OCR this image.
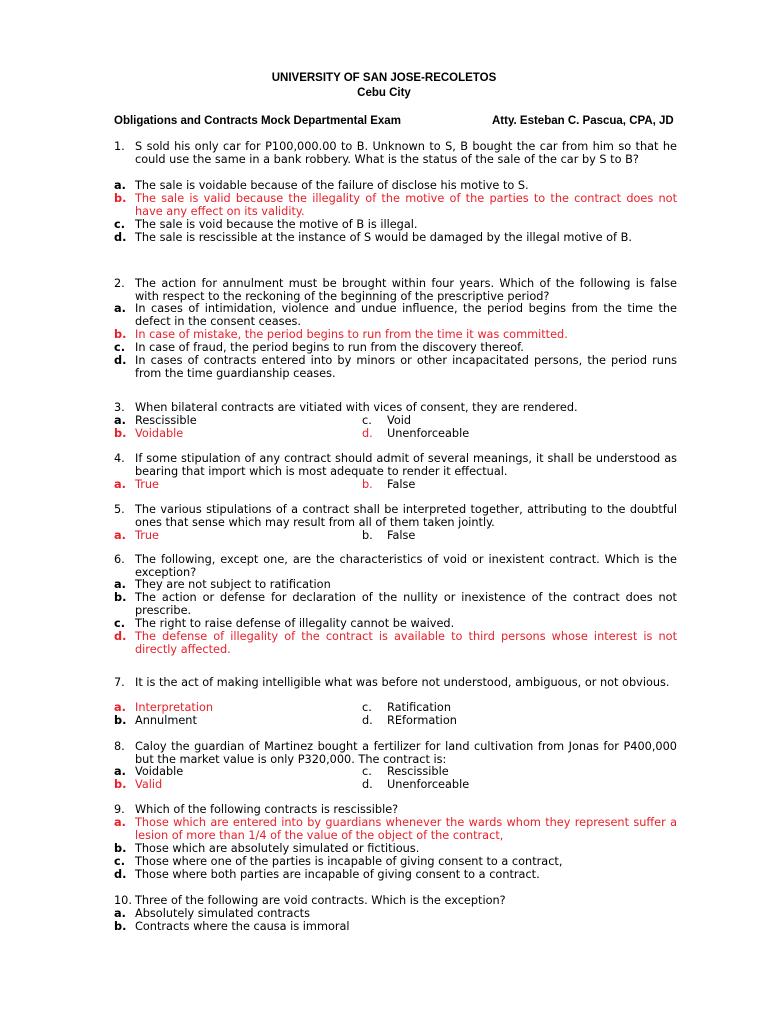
UNIVERSITY OF SAN JOSE-RECOLETOS
Cebu City
Obligations and Contracts Mock Departmental Exam	Atty. Esteban C. Pascua, CPA, JD
1. S sold his only car for P100,000.00 to B. Unknown to S, B bought the car from him so that he could use the same in a bank robbery. What is the status of the sale of the car by S to B?
a. The sale is voidable because of the failure of disclose his motive to S.
b. The sale is valid because the illegality of the motive of the parties to the contract does not have any effect on its validity.
c. The sale is void because the motive of B is illegal.
d. The sale is rescissible at the instance of S would be damaged by the illegal motive of B.
2. The action for annulment must be brought within four years. Which of the following is false with respect to the reckoning of the beginning of the prescriptive period?
a. In cases of intimidation, violence and undue influence, the period begins from the time the defect in the consent ceases.
b. In case of mistake, the period begins to run from the time it was committed.
c. In case of fraud, the period begins to run from the discovery thereof.
d. In cases of contracts entered into by minors or other incapacitated persons, the period runs from the time guardianship ceases.
3. When bilateral contracts are vitiated with vices of consent, they are rendered.
a. Rescissible
b. Voidable
c. Void
d. Unenforceable
4. If some stipulation of any contract should admit of several meanings, it shall be understood as bearing that import which is most adequate to render it effectual.
a. True	b. False
5. The various stipulations of a contract shall be interpreted together, attributing to the doubtful ones that sense which may result from all of them taken jointly.
a. True	b. False
6. The following, except one, are the characteristics of void or inexistent contract. Which is the exception?
a. They are not subject to ratification
b. The action or defense for declaration of the nullity or inexistence of the contract does not prescribe.
c. The right to raise defense of illegality cannot be waived.
d. The defense of illegality of the contract is available to third persons whose interest is not directly affected.
7. It is the act of making intelligible what was before not understood, ambiguous, or not obvious.
a. Interpretation
b. Annulment
c. Ratification
d. REformation
8. Caloy the guardian of Martinez bought a fertilizer for land cultivation from Jonas for P400,000 but the market value is only P320,000. The contract is:
a. Voidable
b. Valid
c. Rescissible
d. Unenforceable
9. Which of the following contracts is rescissible?
a. Those which are entered into by guardians whenever the wards whom they represent suffer a lesion of more than 1/4 of the value of the object of the contract,
b. Those which are absolutely simulated or fictitious.
c. Those where one of the parties is incapable of giving consent to a contract,
d. Those where both parties are incapable of giving consent to a contract.
10. Three of the following are void contracts. Which is the exception?
a. Absolutely simulated contracts
b. Contracts where the causa is immoral
